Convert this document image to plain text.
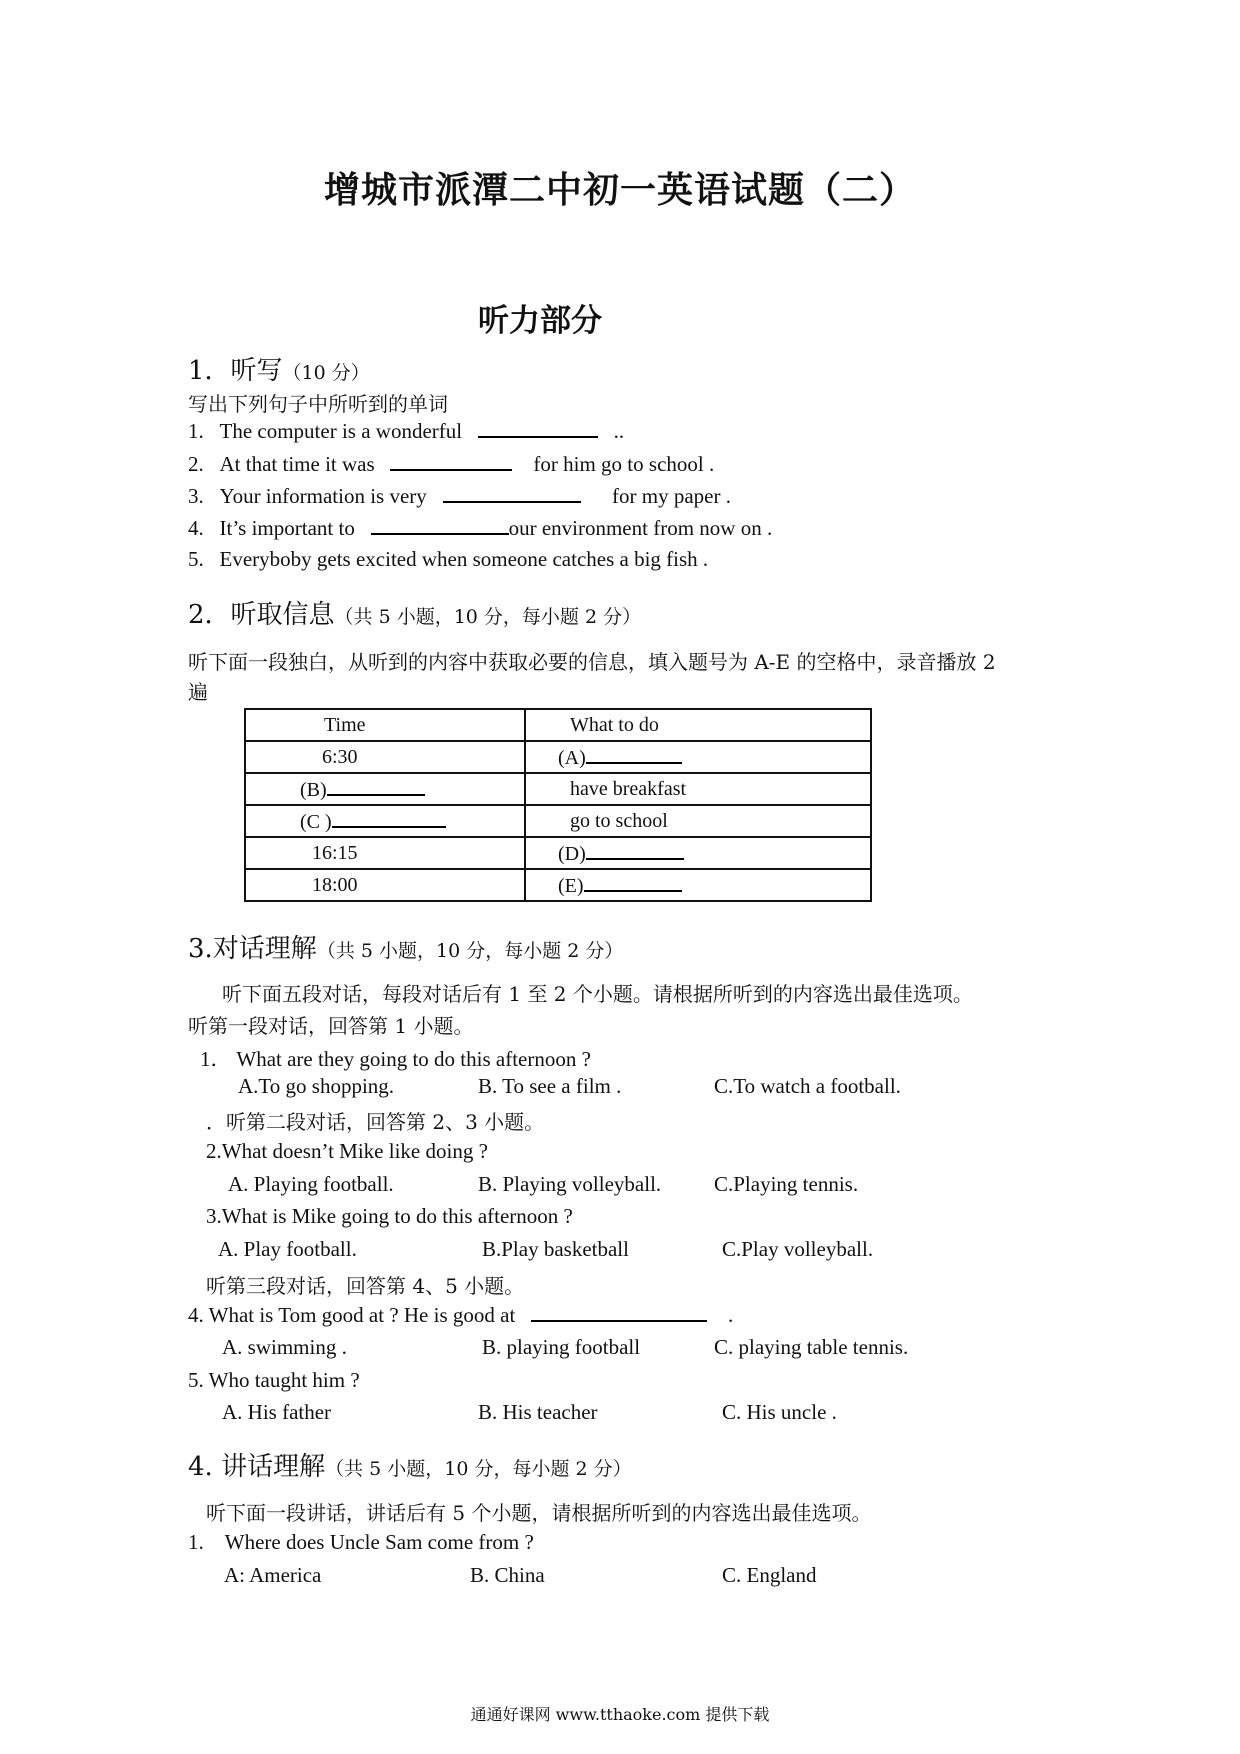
增城市派潭二中初一英语试题（二）
听力部分
1．听写（10 分）
写出下列句子中所听到的单词
1. The computer is a wonderful	..
2. At that time it was	for him go to school .
3. Your information is very	for my paper .
4. It’s important to	our environment from now on .
5. Everyboby gets excited when someone catches a big fish .
2．听取信息（共 5 小题，10 分，每小题 2 分）
听下面一段独白，从听到的内容中获取必要的信息，填入题号为 A-E 的空格中，录音播放 2
遍
Time	What to do
6:30	(A)
(B)	have breakfast
(C )	go to school
16:15	(D)
18:00	(E)
3.对话理解（共 5 小题，10 分，每小题 2 分）
听下面五段对话，每段对话后有 1 至 2 个小题。请根据所听到的内容选出最佳选项。
听第一段对话，回答第 1 小题。
1． What are they going to do this afternoon ?
A.To go shopping.	B. To see a film .	C.To watch a football.
．听第二段对话，回答第 2、3 小题。
2.What doesn’t Mike like doing ?
A. Playing football.	B. Playing volleyball.	C.Playing tennis.
3.What is Mike going to do this afternoon ?
A. Play football.	B.Play basketball	C.Play volleyball.
听第三段对话，回答第 4、5 小题。
4. What is Tom good at ? He is good at	.
A. swimming .	B. playing football	C. playing table tennis.
5. Who taught him ?
A. His father	B. His teacher	C. His uncle .
4. 讲话理解（共 5 小题，10 分，每小题 2 分）
听下面一段讲话，讲话后有 5 个小题，请根据所听到的内容选出最佳选项。
1. Where does Uncle Sam come from ?
A: America	B. China	C. England
通通好课网 www.tthaoke.com 提供下载
